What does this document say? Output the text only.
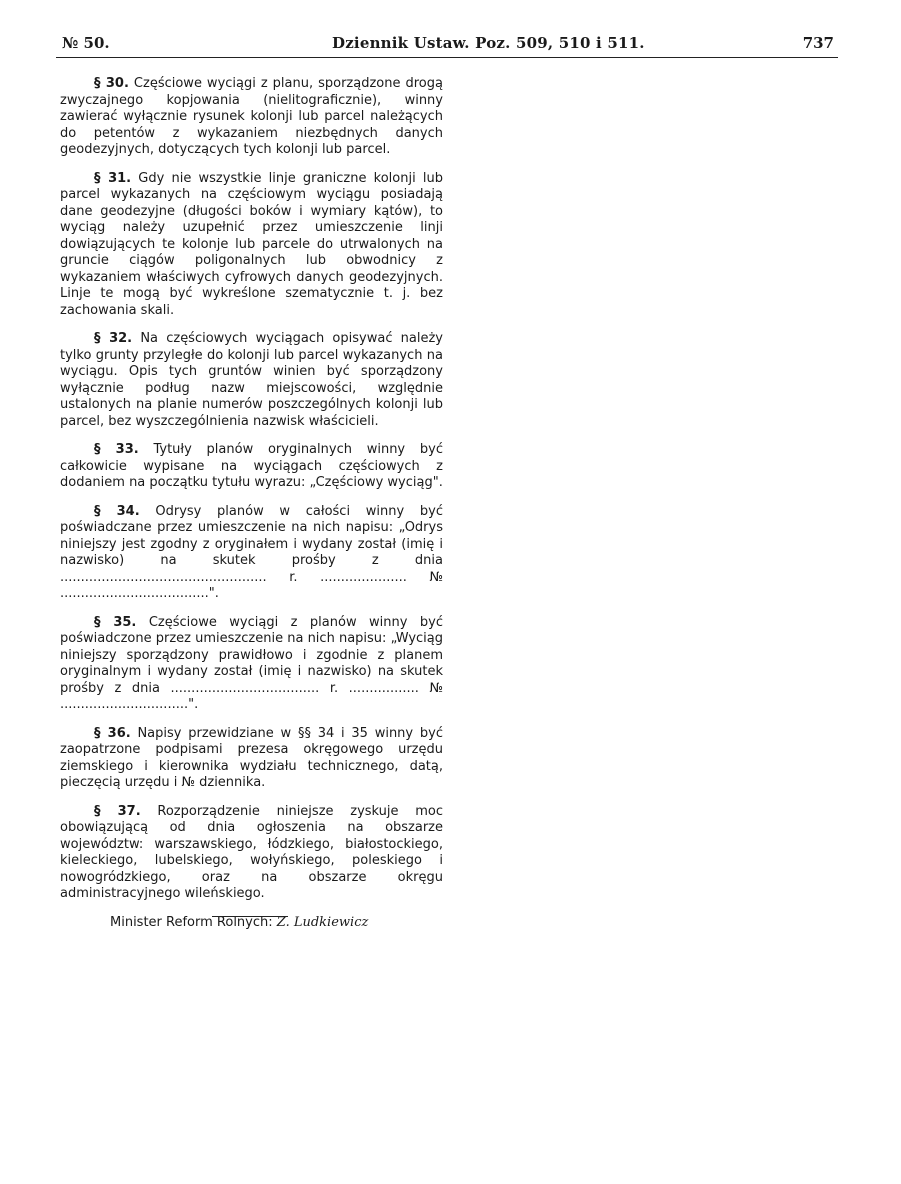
№ 50.	Dziennik Ustaw. Poz. 509, 510 i 511.	737

§ 30. Częściowe wyciągi z planu, sporządzone drogą zwyczajnego kopjowania (nielitograficznie), winny zawierać wyłącznie rysunek kolonji lub parcel należących do petentów z wykazaniem niezbędnych danych geodezyjnych, dotyczących tych kolonji lub parcel.

§ 31. Gdy nie wszystkie linje graniczne kolonji lub parcel wykazanych na częściowym wyciągu posiadają dane geodezyjne (długości boków i wymiary kątów), to wyciąg należy uzupełnić przez umieszczenie linji dowiązujących te kolonje lub parcele do utrwalonych na gruncie ciągów poligonalnych lub obwodnicy z wykazaniem właściwych cyfrowych danych geodezyjnych. Linje te mogą być wykreślone szematycznie t. j. bez zachowania skali.

§ 32. Na częściowych wyciągach opisywać należy tylko grunty przyległe do kolonji lub parcel wykazanych na wyciągu. Opis tych gruntów winien być sporządzony wyłącznie podług nazw miejscowości, względnie ustalonych na planie numerów poszczególnych kolonji lub parcel, bez wyszczególnienia nazwisk właścicieli.

§ 33. Tytuły planów oryginalnych winny być całkowicie wypisane na wyciągach częściowych z dodaniem na początku tytułu wyrazu: „Częściowy wyciąg".

§ 34. Odrysy planów w całości winny być poświadczane przez umieszczenie na nich napisu: „Odrys niniejszy jest zgodny z oryginałem i wydany został (imię i nazwisko) na skutek prośby z dnia .................................................. r. ..................... № ....................................".

§ 35. Częściowe wyciągi z planów winny być poświadczone przez umieszczenie na nich napisu: „Wyciąg niniejszy sporządzony prawidłowo i zgodnie z planem oryginalnym i wydany został (imię i nazwisko) na skutek prośby z dnia .................................... r. ................. № ...............................".

§ 36. Napisy przewidziane w §§ 34 i 35 winny być zaopatrzone podpisami prezesa okręgowego urzędu ziemskiego i kierownika wydziału technicznego, datą, pieczęcią urzędu i № dziennika.

§ 37. Rozporządzenie niniejsze zyskuje moc obowiązującą od dnia ogłoszenia na obszarze województw: warszawskiego, łódzkiego, białostockiego, kieleckiego, lubelskiego, wołyńskiego, poleskiego i nowogródzkiego, oraz na obszarze okręgu administracyjnego wileńskiego.

Minister Reform Rolnych: Z. Ludkiewicz
